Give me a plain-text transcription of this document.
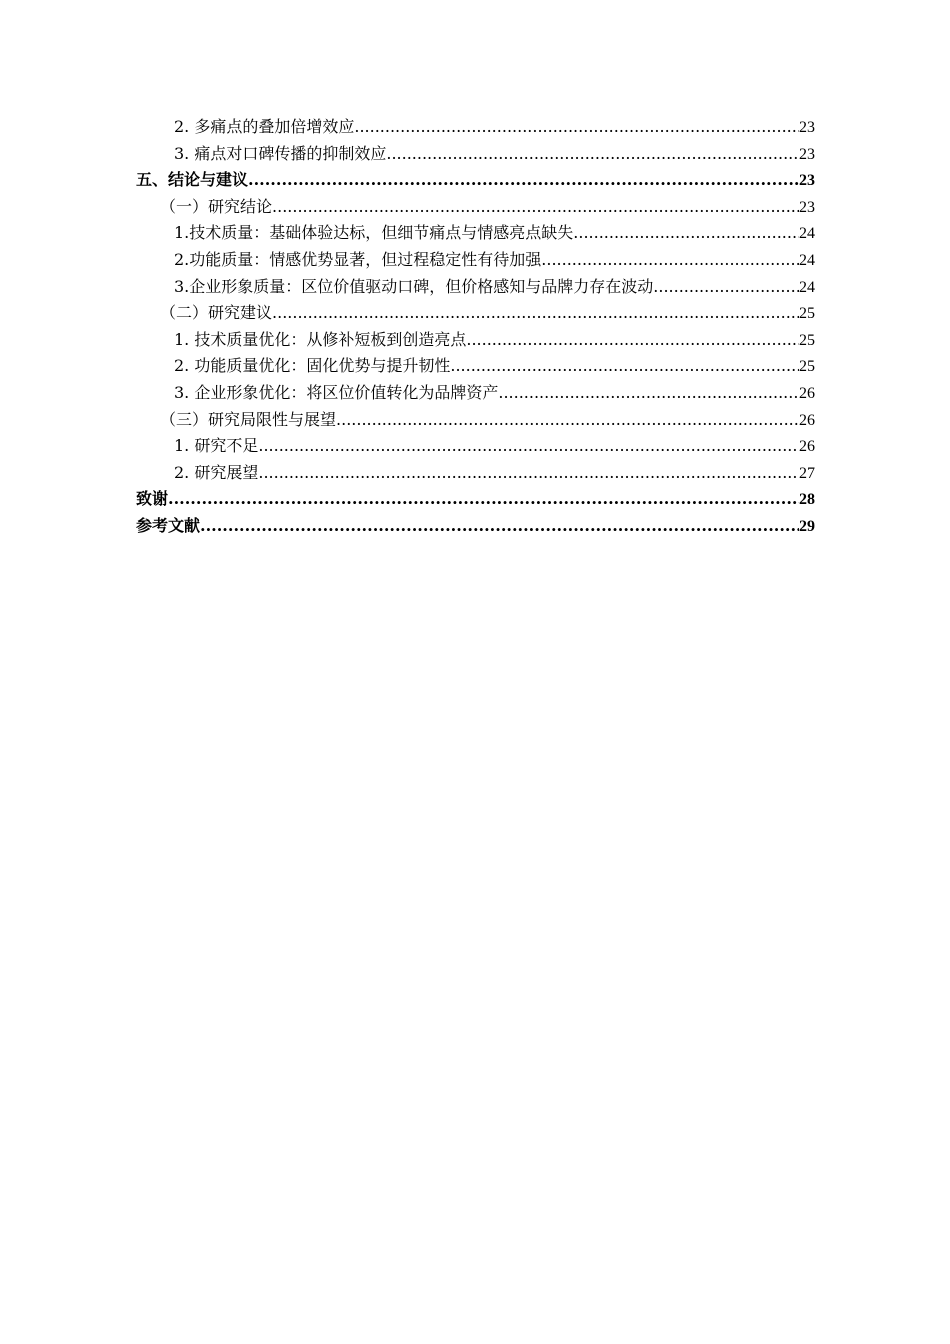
2. 多痛点的叠加倍增效应 .....	23
3. 痛点对口碑传播的抑制效应 .....	23
五、结论与建议 .....	23
（一）研究结论 .....	23
1.技术质量：基础体验达标，但细节痛点与情感亮点缺失 .....	24
2.功能质量：情感优势显著，但过程稳定性有待加强 .....	24
3.企业形象质量：区位价值驱动口碑，但价格感知与品牌力存在波动 .....	24
（二）研究建议 .....	25
1. 技术质量优化：从修补短板到创造亮点 .....	25
2. 功能质量优化：固化优势与提升韧性 .....	25
3. 企业形象优化：将区位价值转化为品牌资产 .....	26
（三）研究局限性与展望 .....	26
1. 研究不足 .....	26
2. 研究展望 .....	27
致谢 .....	28
参考文献 .....	29
